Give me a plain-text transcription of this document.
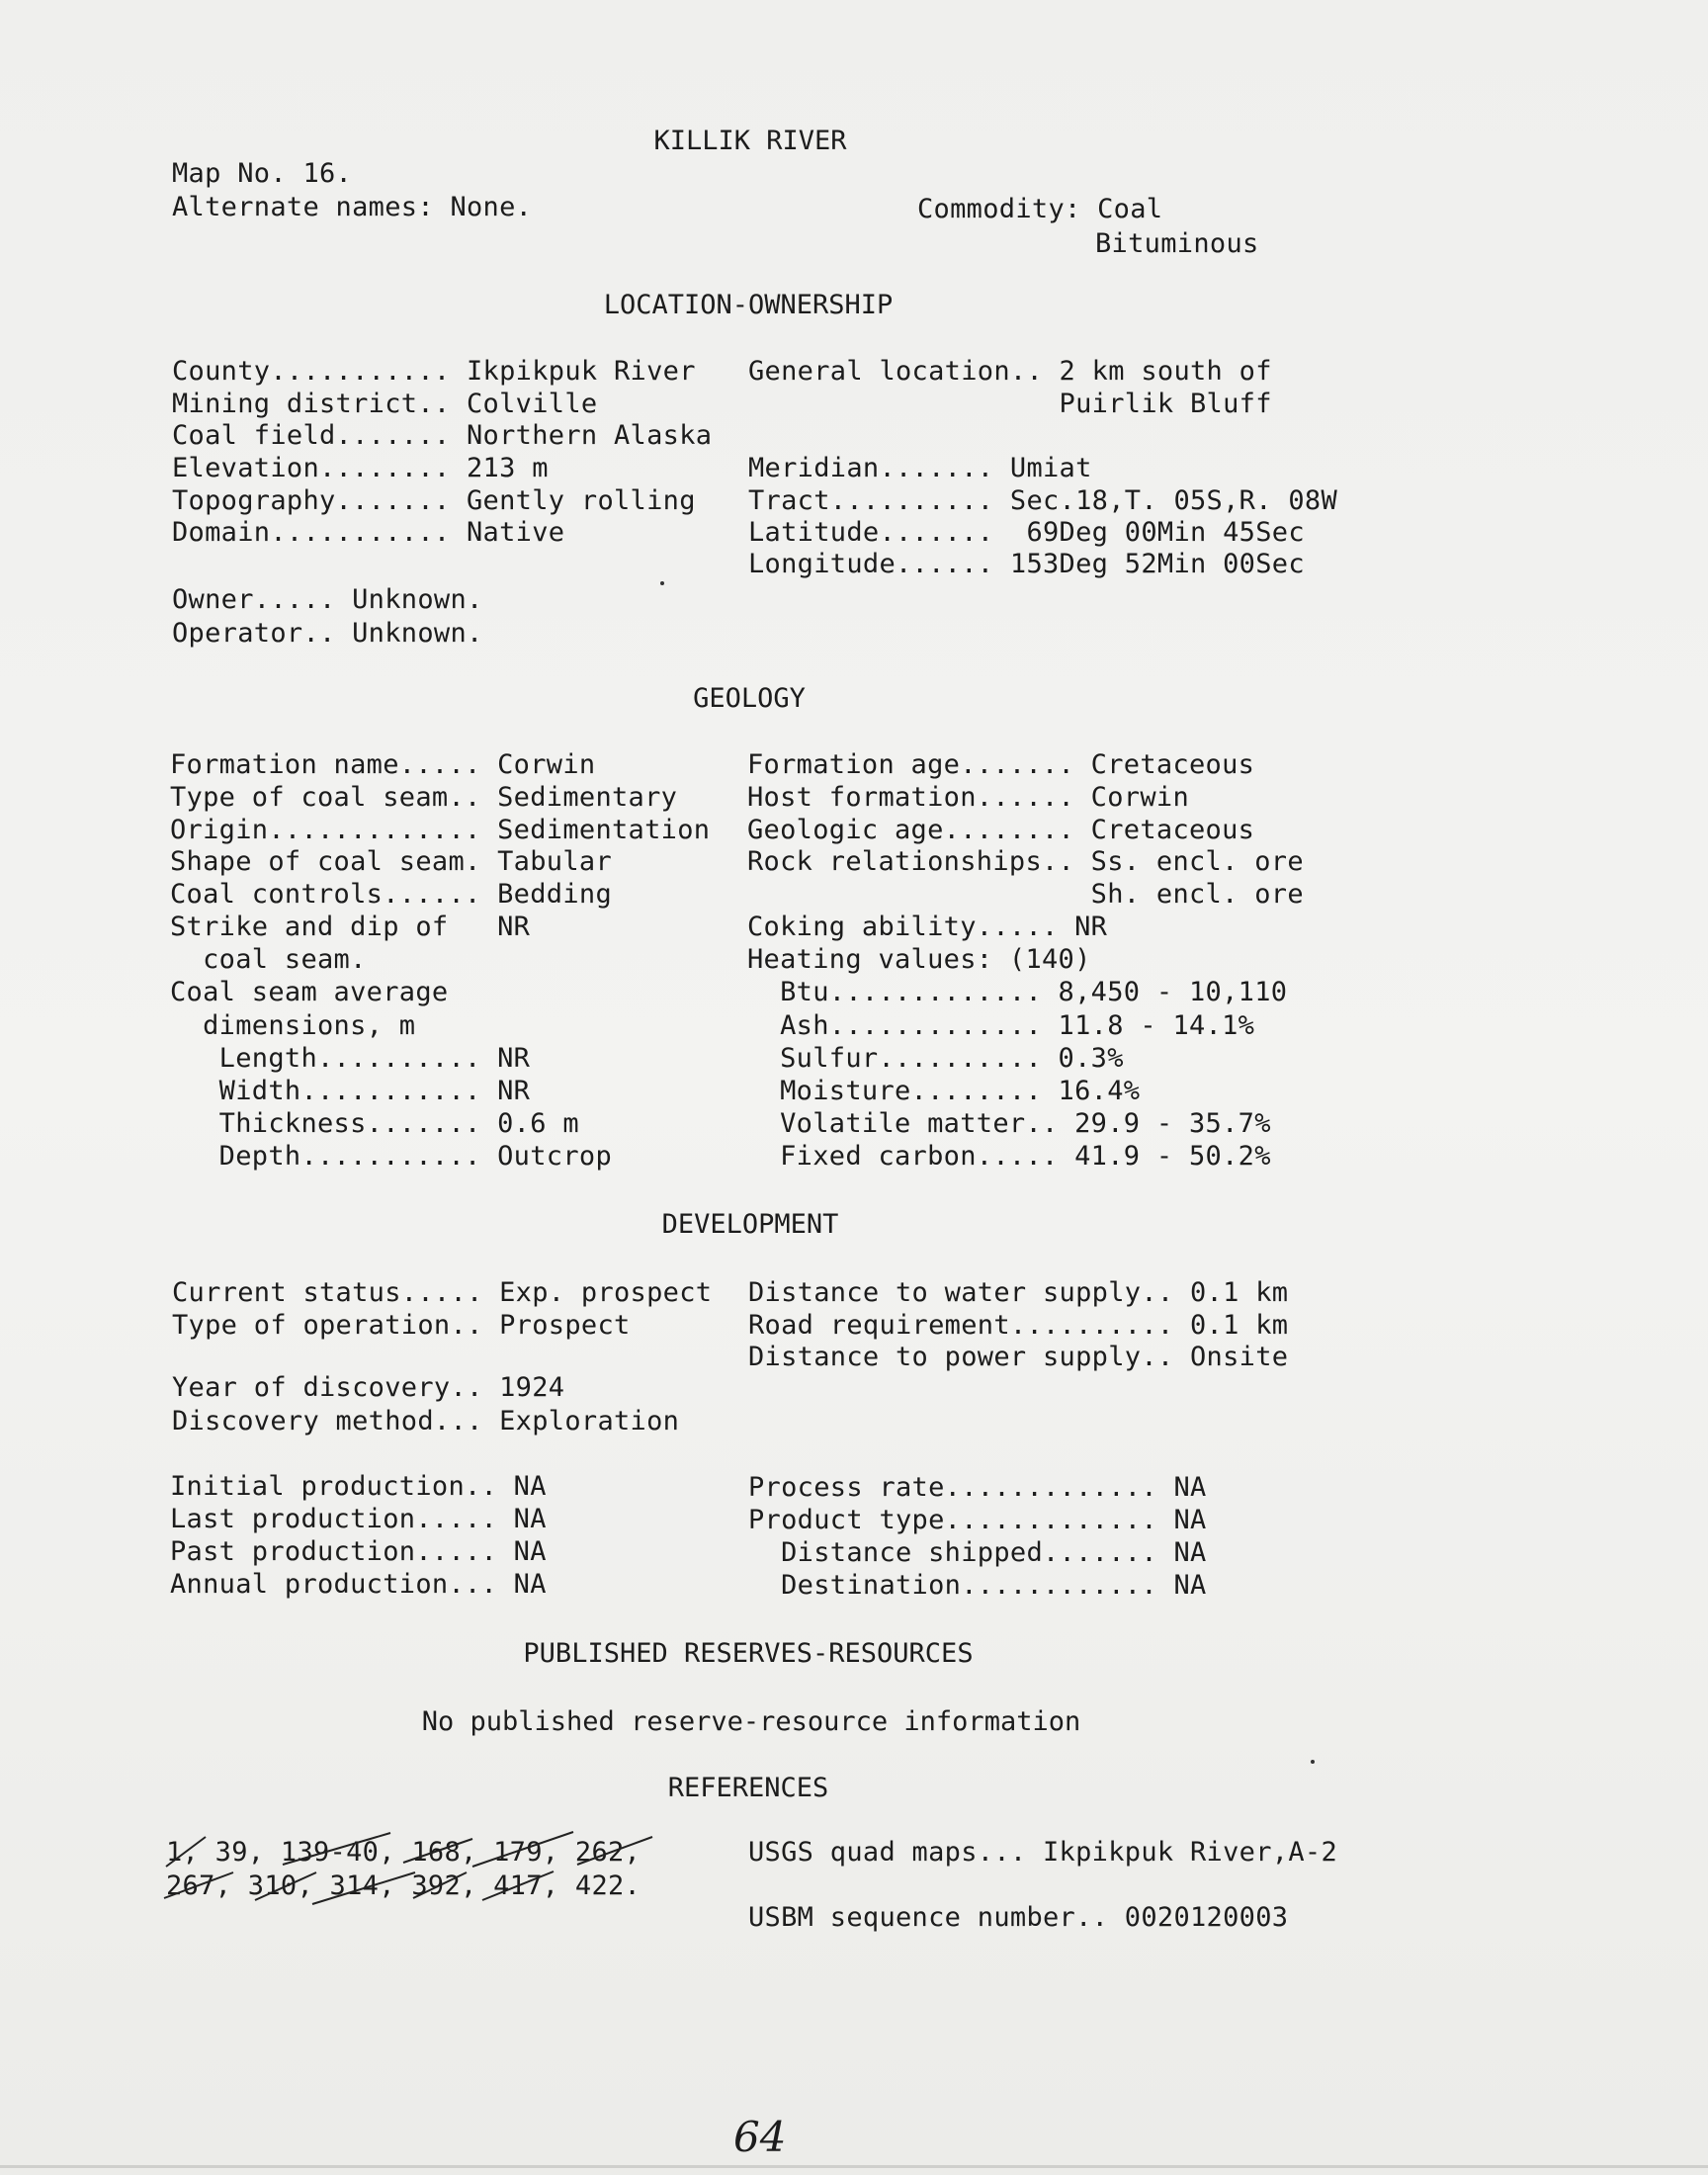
KILLIK RIVER
Map No. 16.
Alternate names: None.	Commodity: Coal
Bituminous
LOCATION-OWNERSHIP
County........... Ikpikpuk River
Mining district.. Colville
Coal field....... Northern Alaska
Elevation........ 213 m
Topography....... Gently rolling
Domain........... Native
General location.. 2 km south of
Puirlik Bluff
Meridian....... Umiat
Tract.......... Sec.18,T. 05S,R. 08W
Latitude.......  69Deg 00Min 45Sec
Longitude...... 153Deg 52Min 00Sec
Owner..... Unknown.
Operator.. Unknown.
GEOLOGY
Formation name..... Corwin
Type of coal seam.. Sedimentary
Origin............. Sedimentation
Shape of coal seam. Tabular
Coal controls...... Bedding
Strike and dip of   NR
coal seam.
Coal seam average
dimensions, m
Length.......... NR
Width........... NR
Thickness....... 0.6 m
Depth........... Outcrop
Formation age....... Cretaceous
Host formation...... Corwin
Geologic age........ Cretaceous
Rock relationships.. Ss. encl. ore
Sh. encl. ore
Coking ability..... NR
Heating values: (140)
Btu............. 8,450 - 10,110
Ash............. 11.8 - 14.1%
Sulfur.......... 0.3%
Moisture........ 16.4%
Volatile matter.. 29.9 - 35.7%
Fixed carbon..... 41.9 - 50.2%
DEVELOPMENT
Current status..... Exp. prospect
Type of operation.. Prospect
Distance to water supply.. 0.1 km
Road requirement.......... 0.1 km
Distance to power supply.. Onsite
Year of discovery.. 1924
Discovery method... Exploration
Initial production.. NA
Last production..... NA
Past production..... NA
Annual production... NA
Process rate............. NA
Product type............. NA
Distance shipped....... NA
Destination............ NA
PUBLISHED RESERVES-RESOURCES
No published reserve-resource information
REFERENCES
1, 39, 139-40, 168, 179, 262,
267, 310, 314, 392, 417, 422.
USGS quad maps... Ikpikpuk River,A-2
USBM sequence number.. 0020120003
64
